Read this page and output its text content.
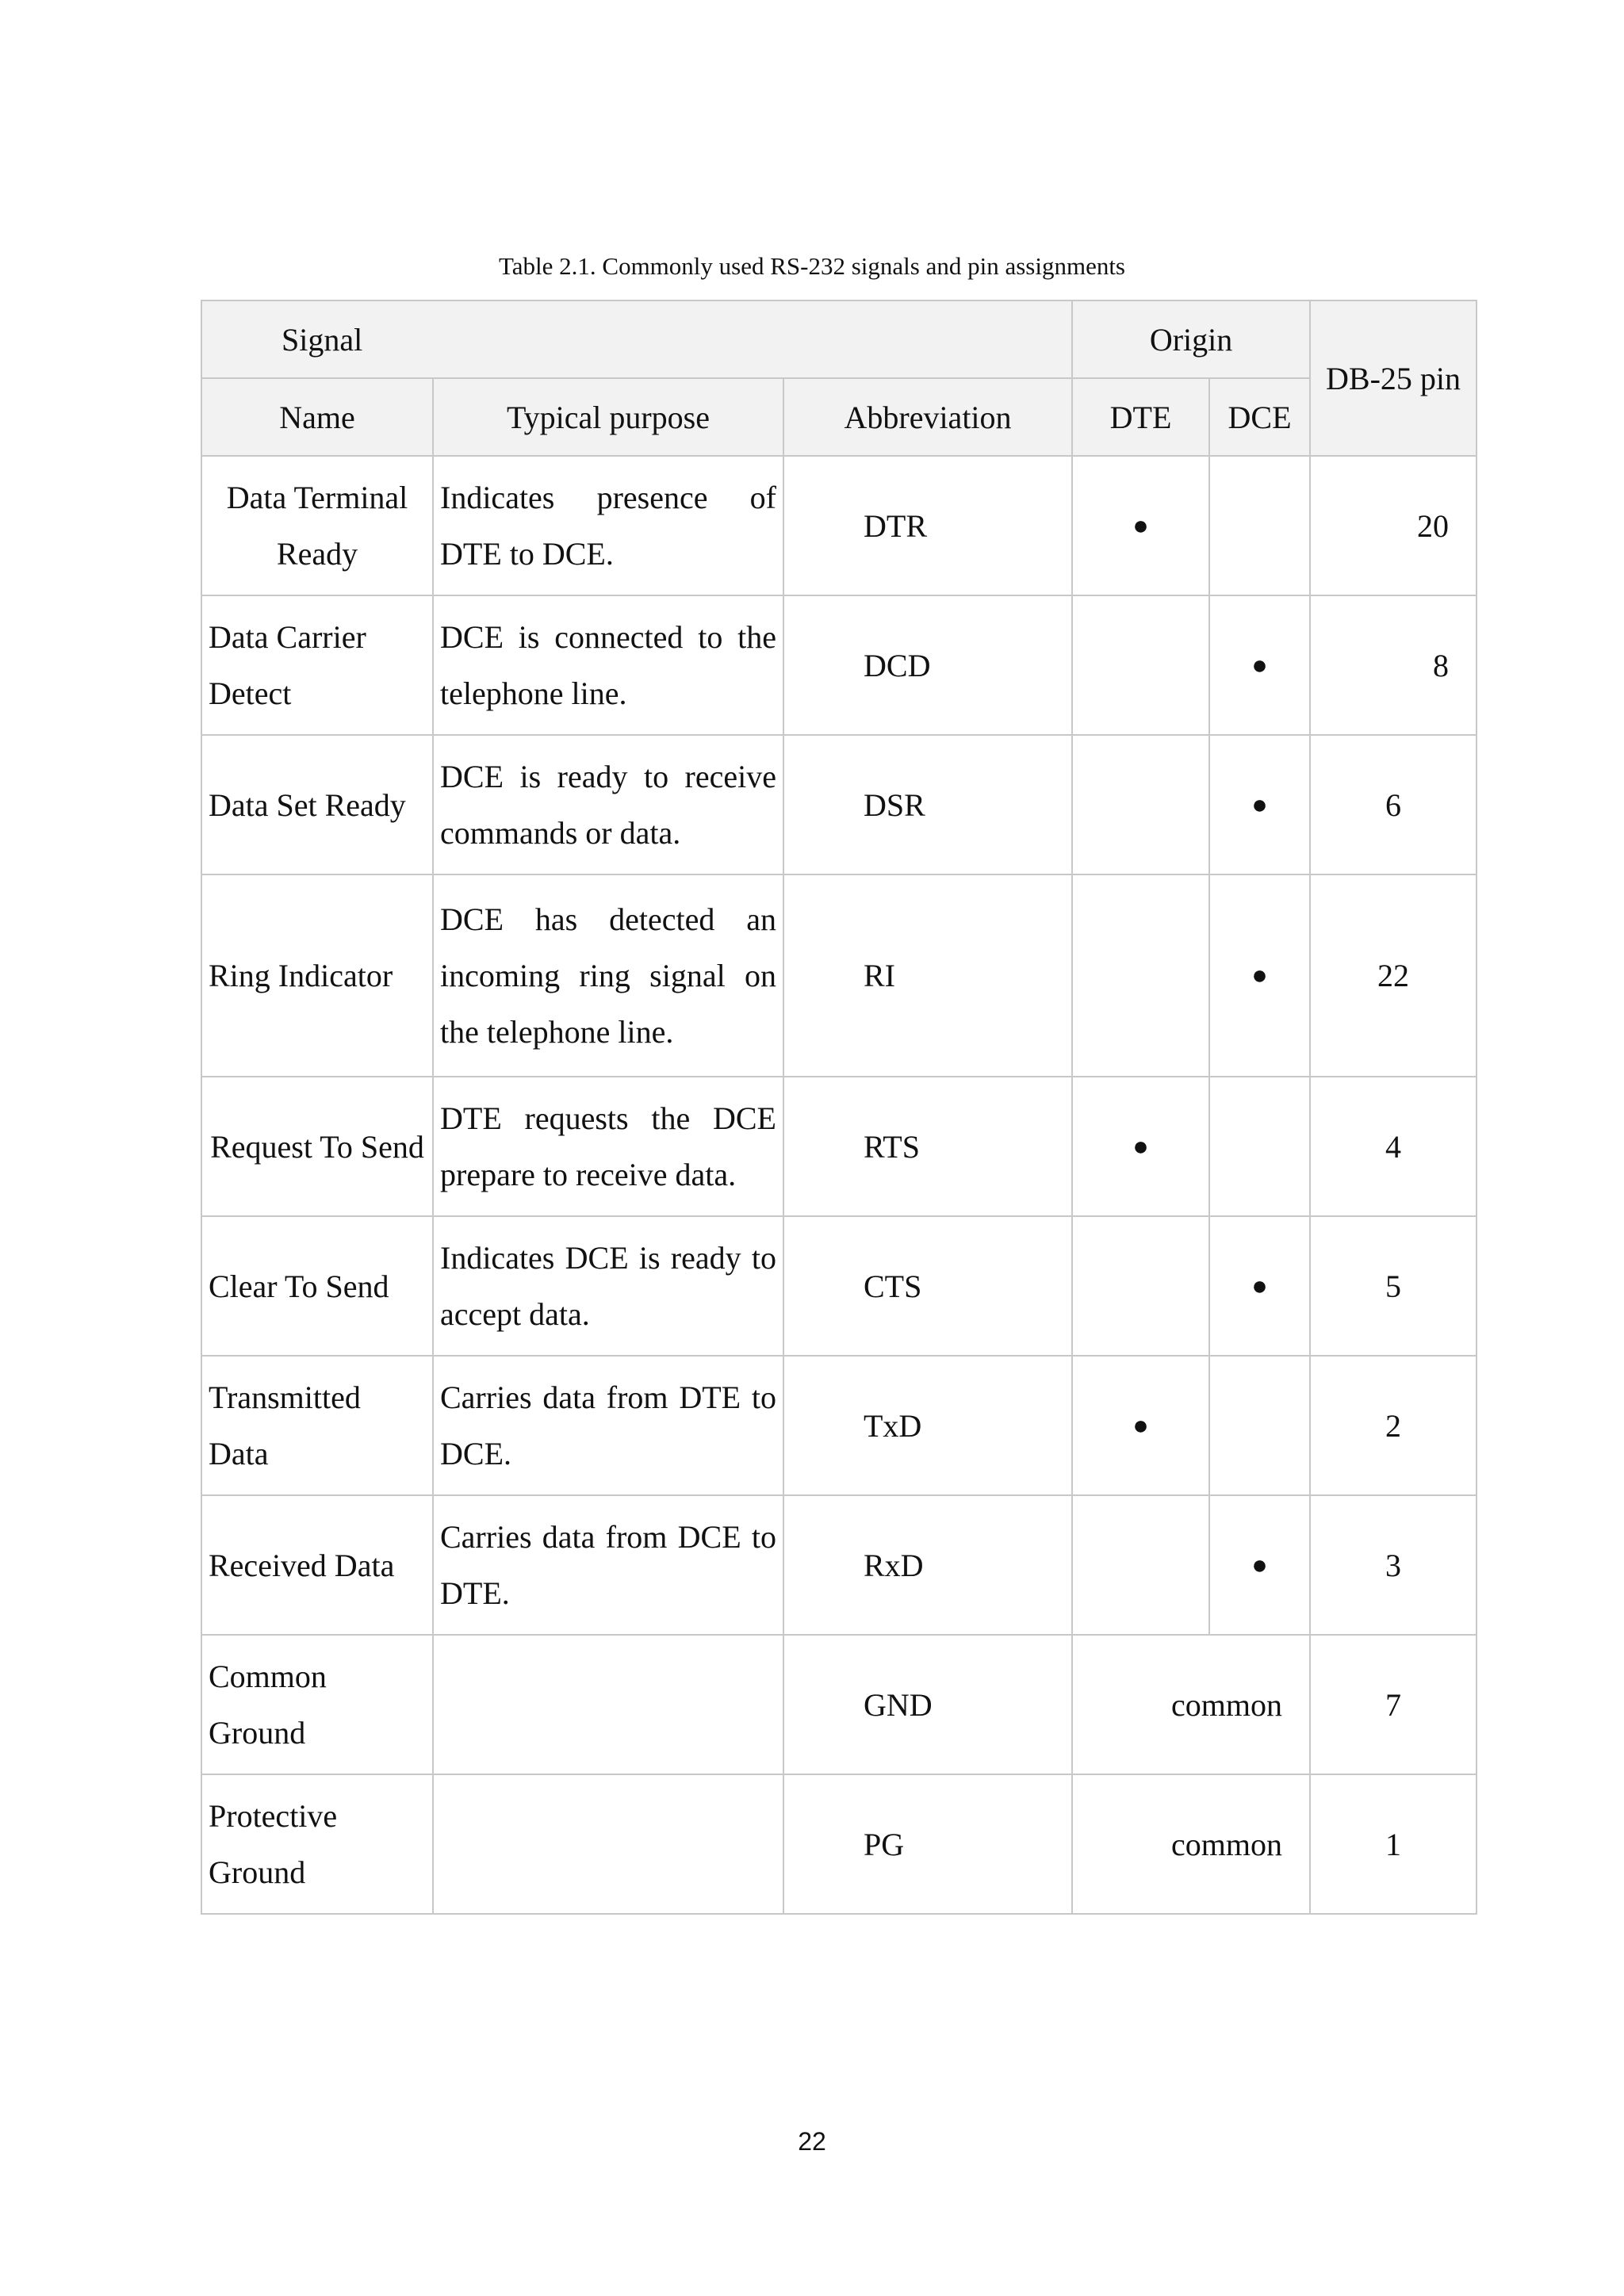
Table 2.1. Commonly used RS-232 signals and pin assignments
Signal			Origin		DB-25 pin
Name	Typical purpose	Abbreviation	DTE	DCE	
Data Terminal Ready	Indicates presence of DTE to DCE.	DTR	●		20

Data Carrier Detect	DCE is connected to the telephone line.	DCD		●	8
Data Set Ready	DCE is ready to receive commands or data.	DSR		●	6
Ring Indicator	DCE has detected an incoming ring signal on the telephone line.	RI		●	22
Request To Send	DTE requests the DCE prepare to receive data.	RTS	●		4
Clear To Send	Indicates DCE is ready to accept data.	CTS		●	5
Transmitted Data	Carries data from DTE to DCE.	TxD	●		2
Received Data	Carries data from DCE to DTE.	RxD		●	3
Common Ground		GND	common		7
Protective Ground		PG	common		1
22
